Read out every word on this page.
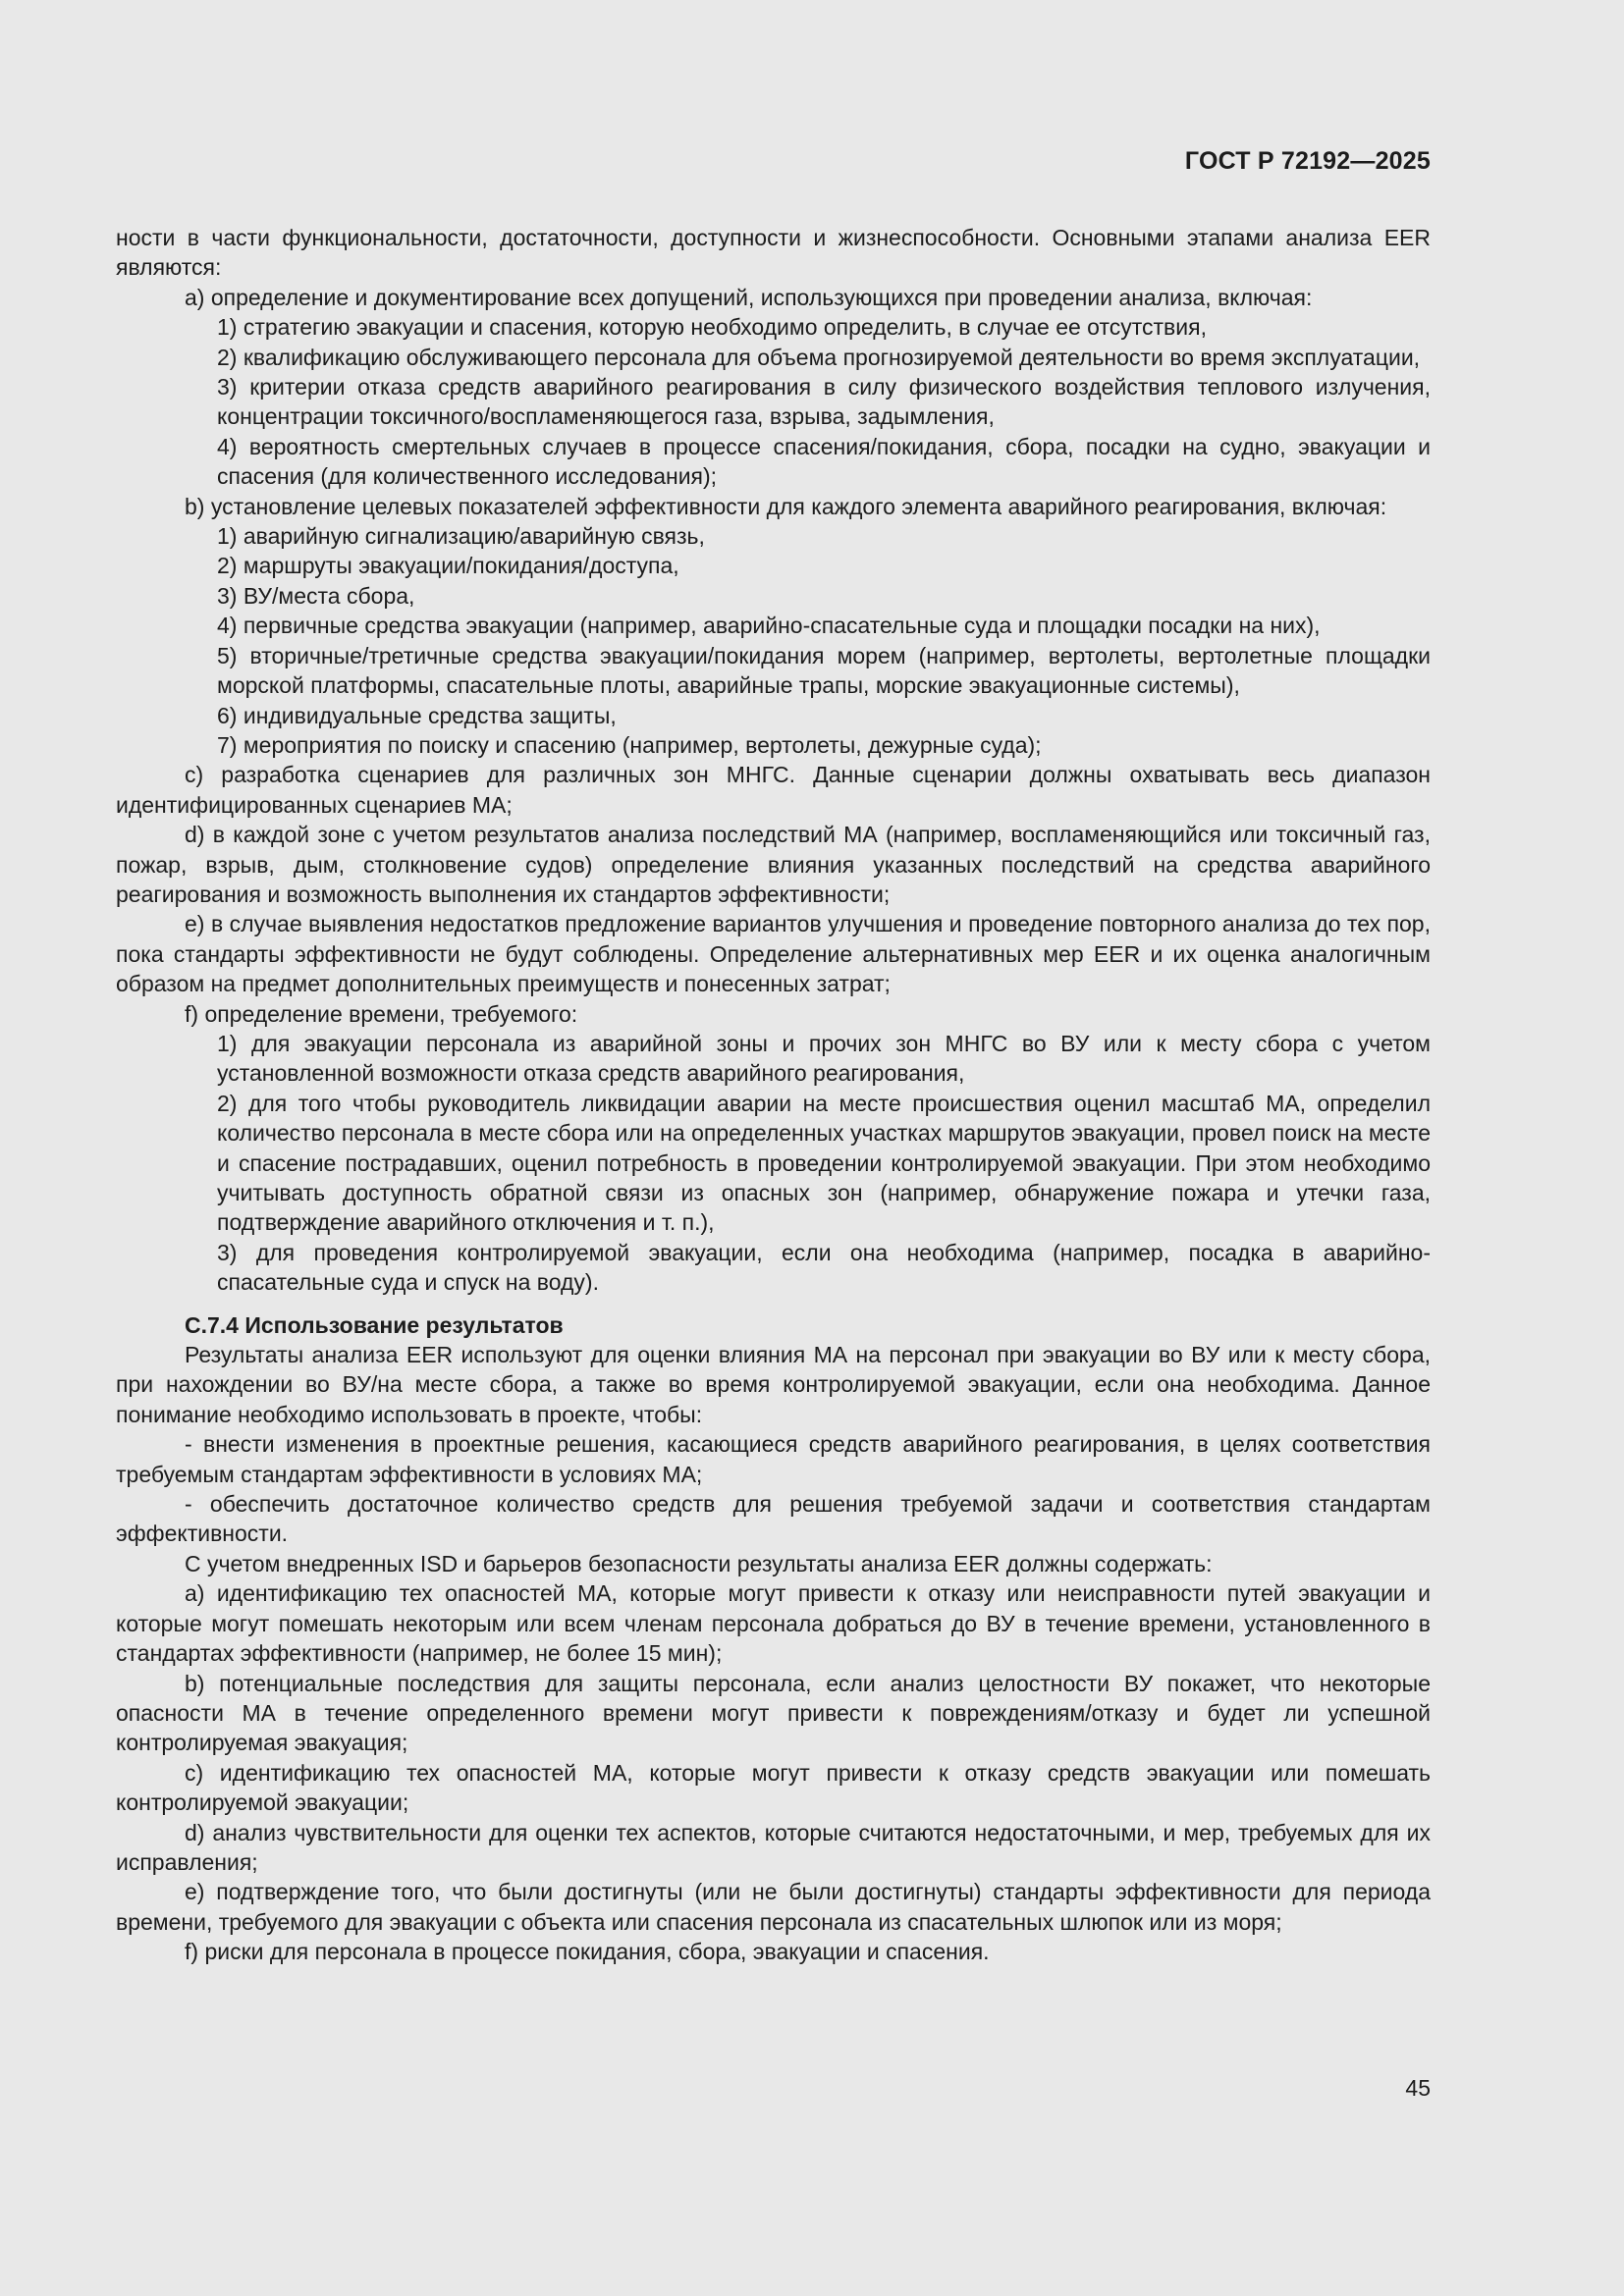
ГОСТ Р 72192—2025

ности в части функциональности, достаточности, доступности и жизнеспособности. Основными этапами анализа EER являются:

a) определение и документирование всех допущений, использующихся при проведении анализа, включая:

1) стратегию эвакуации и спасения, которую необходимо определить, в случае ее отсутствия,

2) квалификацию обслуживающего персонала для объема прогнозируемой деятельности во время эксплуатации,

3) критерии отказа средств аварийного реагирования в силу физического воздействия теплового излучения, концентрации токсичного/воспламеняющегося газа, взрыва, задымления,

4) вероятность смертельных случаев в процессе спасения/покидания, сбора, посадки на судно, эвакуации и спасения (для количественного исследования);

b) установление целевых показателей эффективности для каждого элемента аварийного реагирования, включая:

1) аварийную сигнализацию/аварийную связь,

2) маршруты эвакуации/покидания/доступа,

3) ВУ/места сбора,

4) первичные средства эвакуации (например, аварийно-спасательные суда и площадки посадки на них),

5) вторичные/третичные средства эвакуации/покидания морем (например, вертолеты, вертолетные площадки морской платформы, спасательные плоты, аварийные трапы, морские эвакуационные системы),

6) индивидуальные средства защиты,

7) мероприятия по поиску и спасению (например, вертолеты, дежурные суда);

c) разработка сценариев для различных зон МНГС. Данные сценарии должны охватывать весь диапазон идентифицированных сценариев МА;

d) в каждой зоне с учетом результатов анализа последствий МА (например, воспламеняющийся или токсичный газ, пожар, взрыв, дым, столкновение судов) определение влияния указанных последствий на средства аварийного реагирования и возможность выполнения их стандартов эффективности;

e) в случае выявления недостатков предложение вариантов улучшения и проведение повторного анализа до тех пор, пока стандарты эффективности не будут соблюдены. Определение альтернативных мер EER и их оценка аналогичным образом на предмет дополнительных преимуществ и понесенных затрат;

f) определение времени, требуемого:

1) для эвакуации персонала из аварийной зоны и прочих зон МНГС во ВУ или к месту сбора с учетом установленной возможности отказа средств аварийного реагирования,

2) для того чтобы руководитель ликвидации аварии на месте происшествия оценил масштаб МА, определил количество персонала в месте сбора или на определенных участках маршрутов эвакуации, провел поиск на месте и спасение пострадавших, оценил потребность в проведении контролируемой эвакуации. При этом необходимо учитывать доступность обратной связи из опасных зон (например, обнаружение пожара и утечки газа, подтверждение аварийного отключения и т. п.),

3) для проведения контролируемой эвакуации, если она необходима (например, посадка в аварийно-спасательные суда и спуск на воду).

С.7.4 Использование результатов

Результаты анализа EER используют для оценки влияния МА на персонал при эвакуации во ВУ или к месту сбора, при нахождении во ВУ/на месте сбора, а также во время контролируемой эвакуации, если она необходима. Данное понимание необходимо использовать в проекте, чтобы:

- внести изменения в проектные решения, касающиеся средств аварийного реагирования, в целях соответствия требуемым стандартам эффективности в условиях МА;

- обеспечить достаточное количество средств для решения требуемой задачи и соответствия стандартам эффективности.

С учетом внедренных ISD и барьеров безопасности результаты анализа EER должны содержать:

a) идентификацию тех опасностей МА, которые могут привести к отказу или неисправности путей эвакуации и которые могут помешать некоторым или всем членам персонала добраться до ВУ в течение времени, установленного в стандартах эффективности (например, не более 15 мин);

b) потенциальные последствия для защиты персонала, если анализ целостности ВУ покажет, что некоторые опасности МА в течение определенного времени могут привести к повреждениям/отказу и будет ли успешной контролируемая эвакуация;

c) идентификацию тех опасностей МА, которые могут привести к отказу средств эвакуации или помешать контролируемой эвакуации;

d) анализ чувствительности для оценки тех аспектов, которые считаются недостаточными, и мер, требуемых для их исправления;

e) подтверждение того, что были достигнуты (или не были достигнуты) стандарты эффективности для периода времени, требуемого для эвакуации с объекта или спасения персонала из спасательных шлюпок или из моря;

f) риски для персонала в процессе покидания, сбора, эвакуации и спасения.

45
